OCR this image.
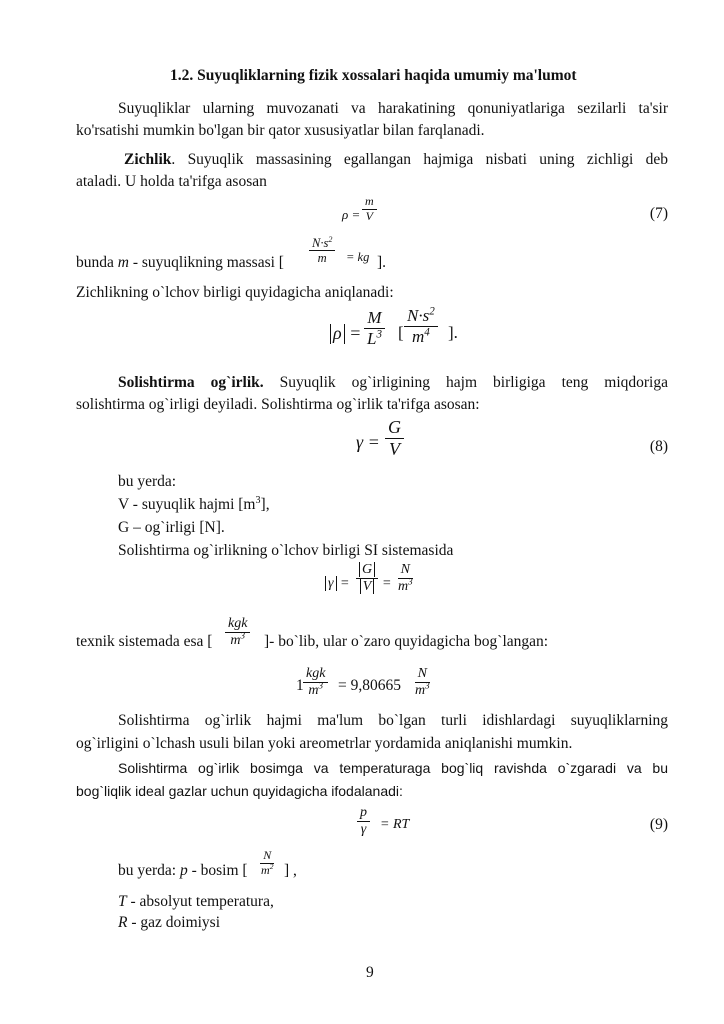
1.2. Suyuqliklarning fizik xossalari haqida umumiy ma'lumot
Suyuqliklar ularning muvozanati va harakatining qonuniyatlariga sezilarli ta'sir
ko'rsatishi mumkin bo'lgan bir qator xususiyatlar bilan farqlanadi.
Zichlik. Suyuqlik massasining egallangan hajmiga nisbati uning zichligi deb
ataladi. U holda ta'rifga asosan
$\rho = \frac{m}{V}$	(7)
bunda m - suyuqlikning massasi [ $\frac{N\cdot s^2}{m}$ = kg ].
Zichlikning o`lchov birligi quyidagicha aniqlanadi:
$\rho = \frac{M}{L^3}$ [ $\frac{N\cdot s^2}{m^4}$ ].
Solishtirma og`irlik. Suyuqlik og`irligining hajm birligiga teng miqdoriga
solishtirma og`irligi deyiladi. Solishtirma og`irlik ta'rifga asosan:
$\gamma = \frac{G}{V}$	(8)
bu yerda:
V - suyuqlik hajmi $[m^3]$,
G – og`irligi [N].
Solishtirma og`irlikning o`lchov birligi SI sistemasida
$\gamma = \frac{G}{V} = \frac{N}{m^3}$
texnik sistemada esa [
kgk
$m^3$ ]- bo`lib, ular o`zaro quyidagicha bog`langan:
1
kgk
$m^3 = 9,80665 \frac{N}{m^3}$
Solishtirma og`irlik hajmi ma'lum bo`lgan turli idishlardagi suyuqliklarning
og`irligini o`lchash usuli bilan yoki areometrlar yordamida aniqlanishi mumkin.
Solishtirma og`irlik bosimga va temperaturaga bog`liq ravishda o`zgaradi va bu
bog`liqlik ideal gazlar uchun quyidagicha ifodalanadi:
$\frac{p}{\gamma}$ = RT	(9)
bu yerda: p - bosim [ $\frac{N}{m^2}$ ] ,
T - absolyut temperatura,
R - gaz doimiysi
9
